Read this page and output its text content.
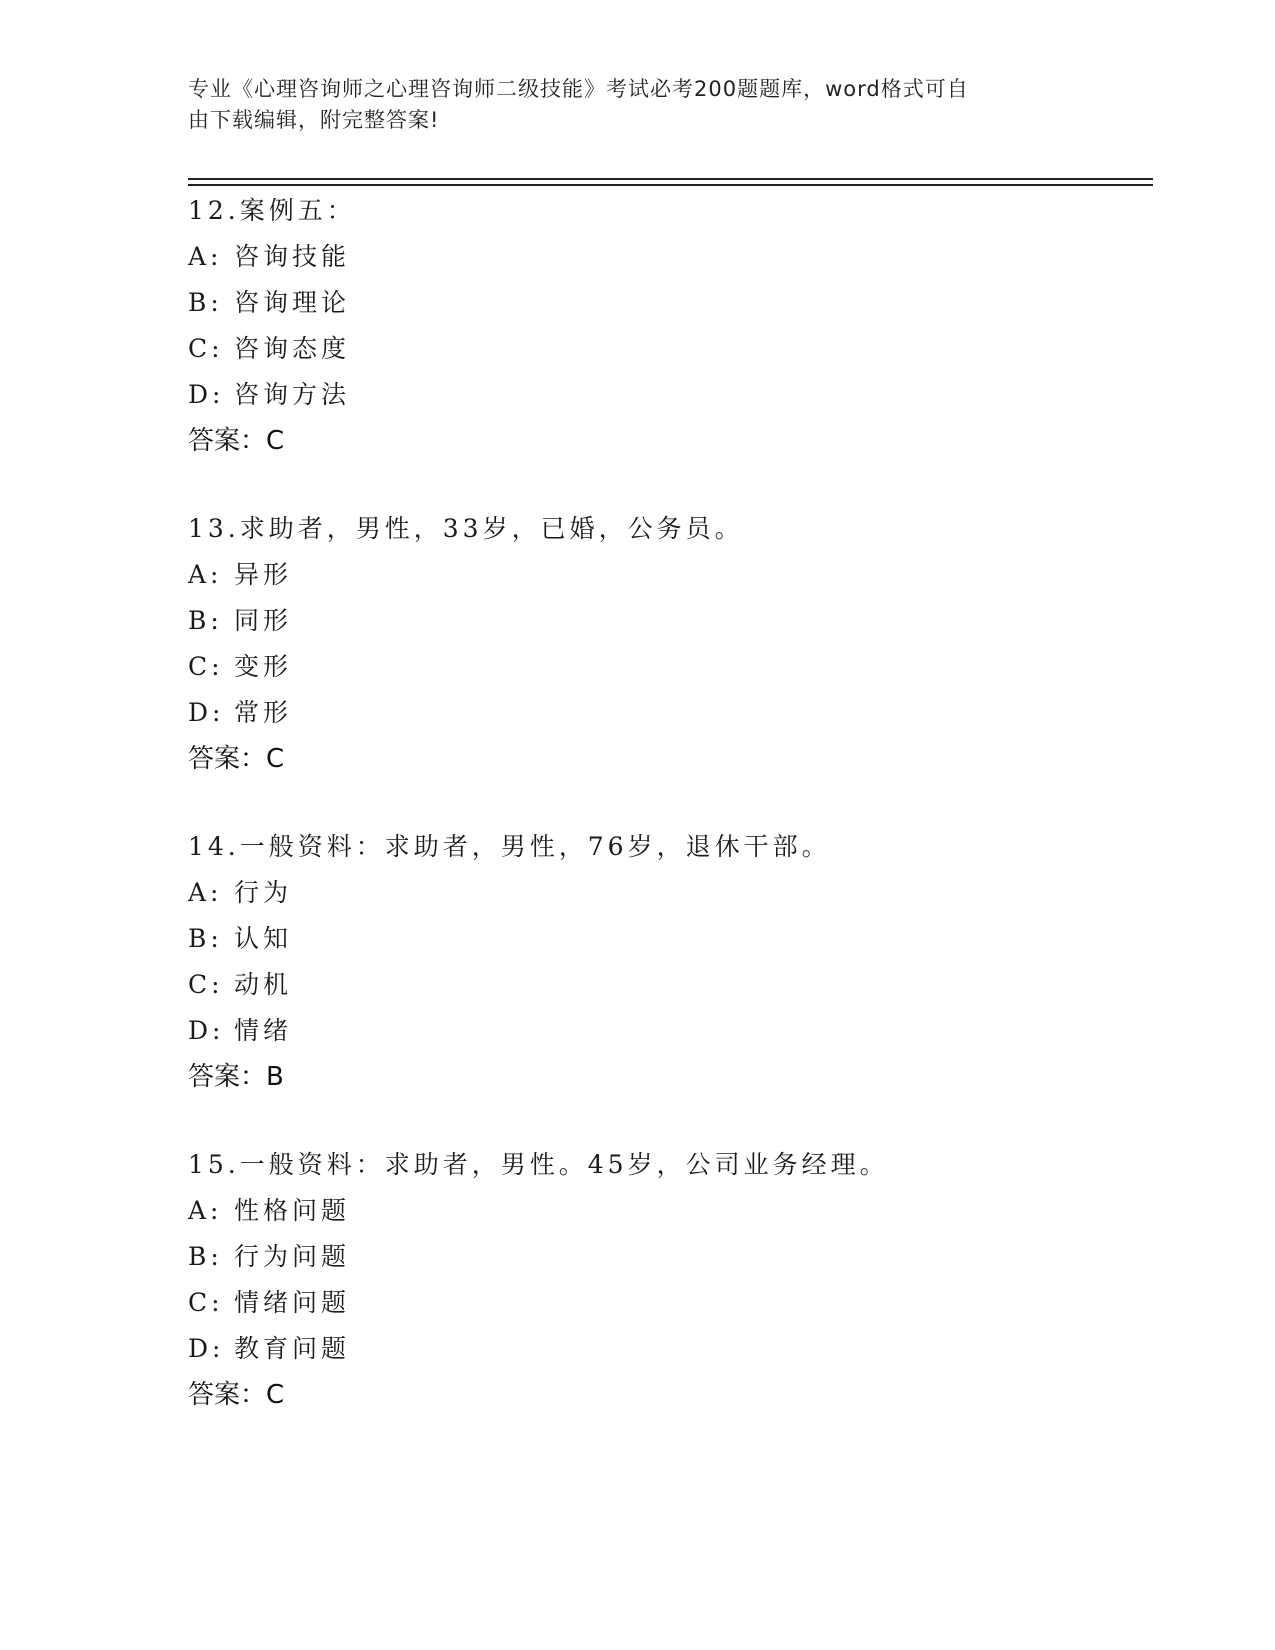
专业《心理咨询师之心理咨询师二级技能》考试必考200题题库，word格式可自

由下载编辑，附完整答案!

12.案例五：
A: 咨询技能
B: 咨询理论
C: 咨询态度
D: 咨询方法
答案：C
13.求助者，男性，33岁，已婚，公务员。
A: 异形
B: 同形
C: 变形
D: 常形
答案：C
14.一般资料：求助者，男性，76岁，退休干部。
A: 行为
B: 认知
C: 动机
D: 情绪
答案：B
15.一般资料：求助者，男性。45岁，公司业务经理。
A: 性格问题
B: 行为问题
C: 情绪问题
D: 教育问题
答案：C
